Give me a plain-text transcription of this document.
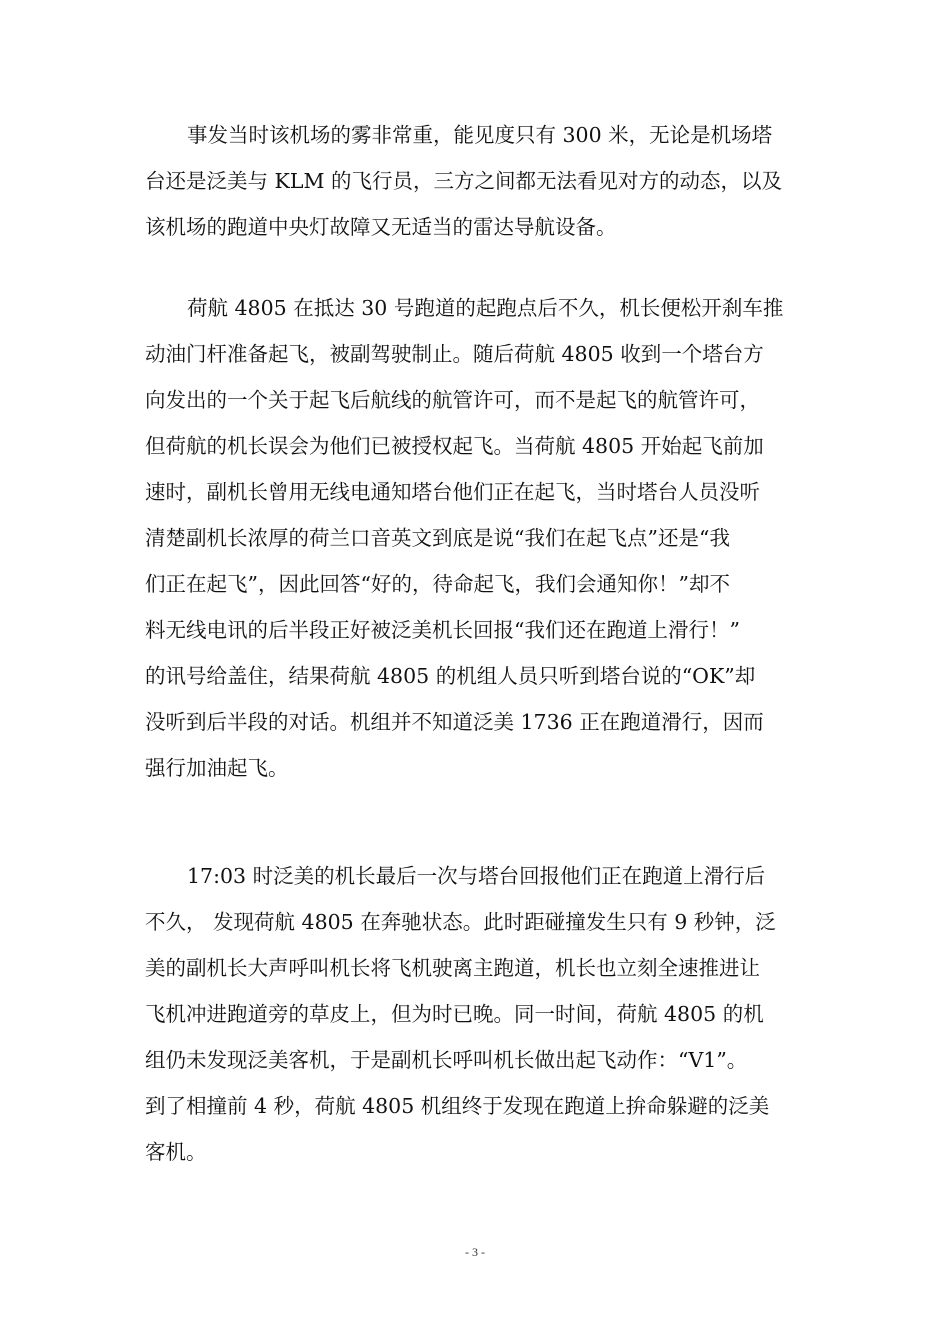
事发当时该机场的雾非常重，能见度只有 300 米，无论是机场塔
台还是泛美与 KLM 的飞行员，三方之间都无法看见对方的动态，以及
该机场的跑道中央灯故障又无适当的雷达导航设备。
荷航 4805 在抵达 30 号跑道的起跑点后不久，机长便松开刹车推
动油门杆准备起飞，被副驾驶制止。随后荷航 4805 收到一个塔台方
向发出的一个关于起飞后航线的航管许可，而不是起飞的航管许可，
但荷航的机长误会为他们已被授权起飞。当荷航 4805 开始起飞前加
速时，副机长曾用无线电通知塔台他们正在起飞，当时塔台人员没听
清楚副机长浓厚的荷兰口音英文到底是说“我们在起飞点”还是“我
们正在起飞”，因此回答“好的，待命起飞，我们会通知你！”却不
料无线电讯的后半段正好被泛美机长回报“我们还在跑道上滑行！”
的讯号给盖住，结果荷航 4805 的机组人员只听到塔台说的“OK”却
没听到后半段的对话。机组并不知道泛美 1736 正在跑道滑行，因而
强行加油起飞。
17:03 时泛美的机长最后一次与塔台回报他们正在跑道上滑行后
不久， 发现荷航 4805 在奔驰状态。此时距碰撞发生只有 9 秒钟，泛
美的副机长大声呼叫机长将飞机驶离主跑道，机长也立刻全速推进让
飞机冲进跑道旁的草皮上，但为时已晚。同一时间，荷航 4805 的机
组仍未发现泛美客机，于是副机长呼叫机长做出起飞动作：“V1”。
到了相撞前 4 秒，荷航 4805 机组终于发现在跑道上拚命躲避的泛美
客机。
- 3 -
